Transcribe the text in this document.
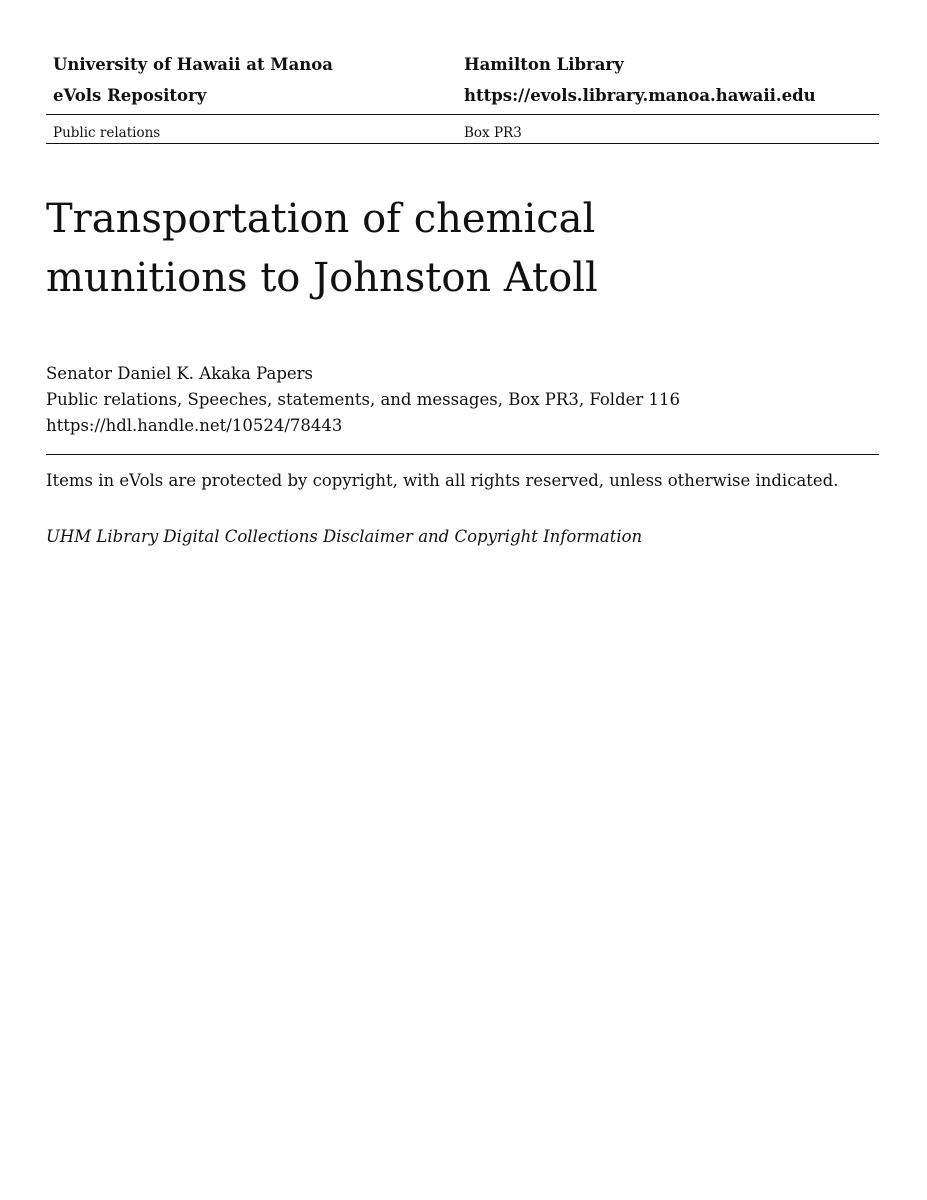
University of Hawaii at Manoa	Hamilton Library
eVols Repository	https://evols.library.manoa.hawaii.edu
Public relations	Box PR3
Transportation of chemical
munitions to Johnston Atoll
Senator Daniel K. Akaka Papers
Public relations, Speeches, statements, and messages, Box PR3, Folder 116
https://hdl.handle.net/10524/78443
Items in eVols are protected by copyright, with all rights reserved, unless otherwise indicated.
UHM Library Digital Collections Disclaimer and Copyright Information
